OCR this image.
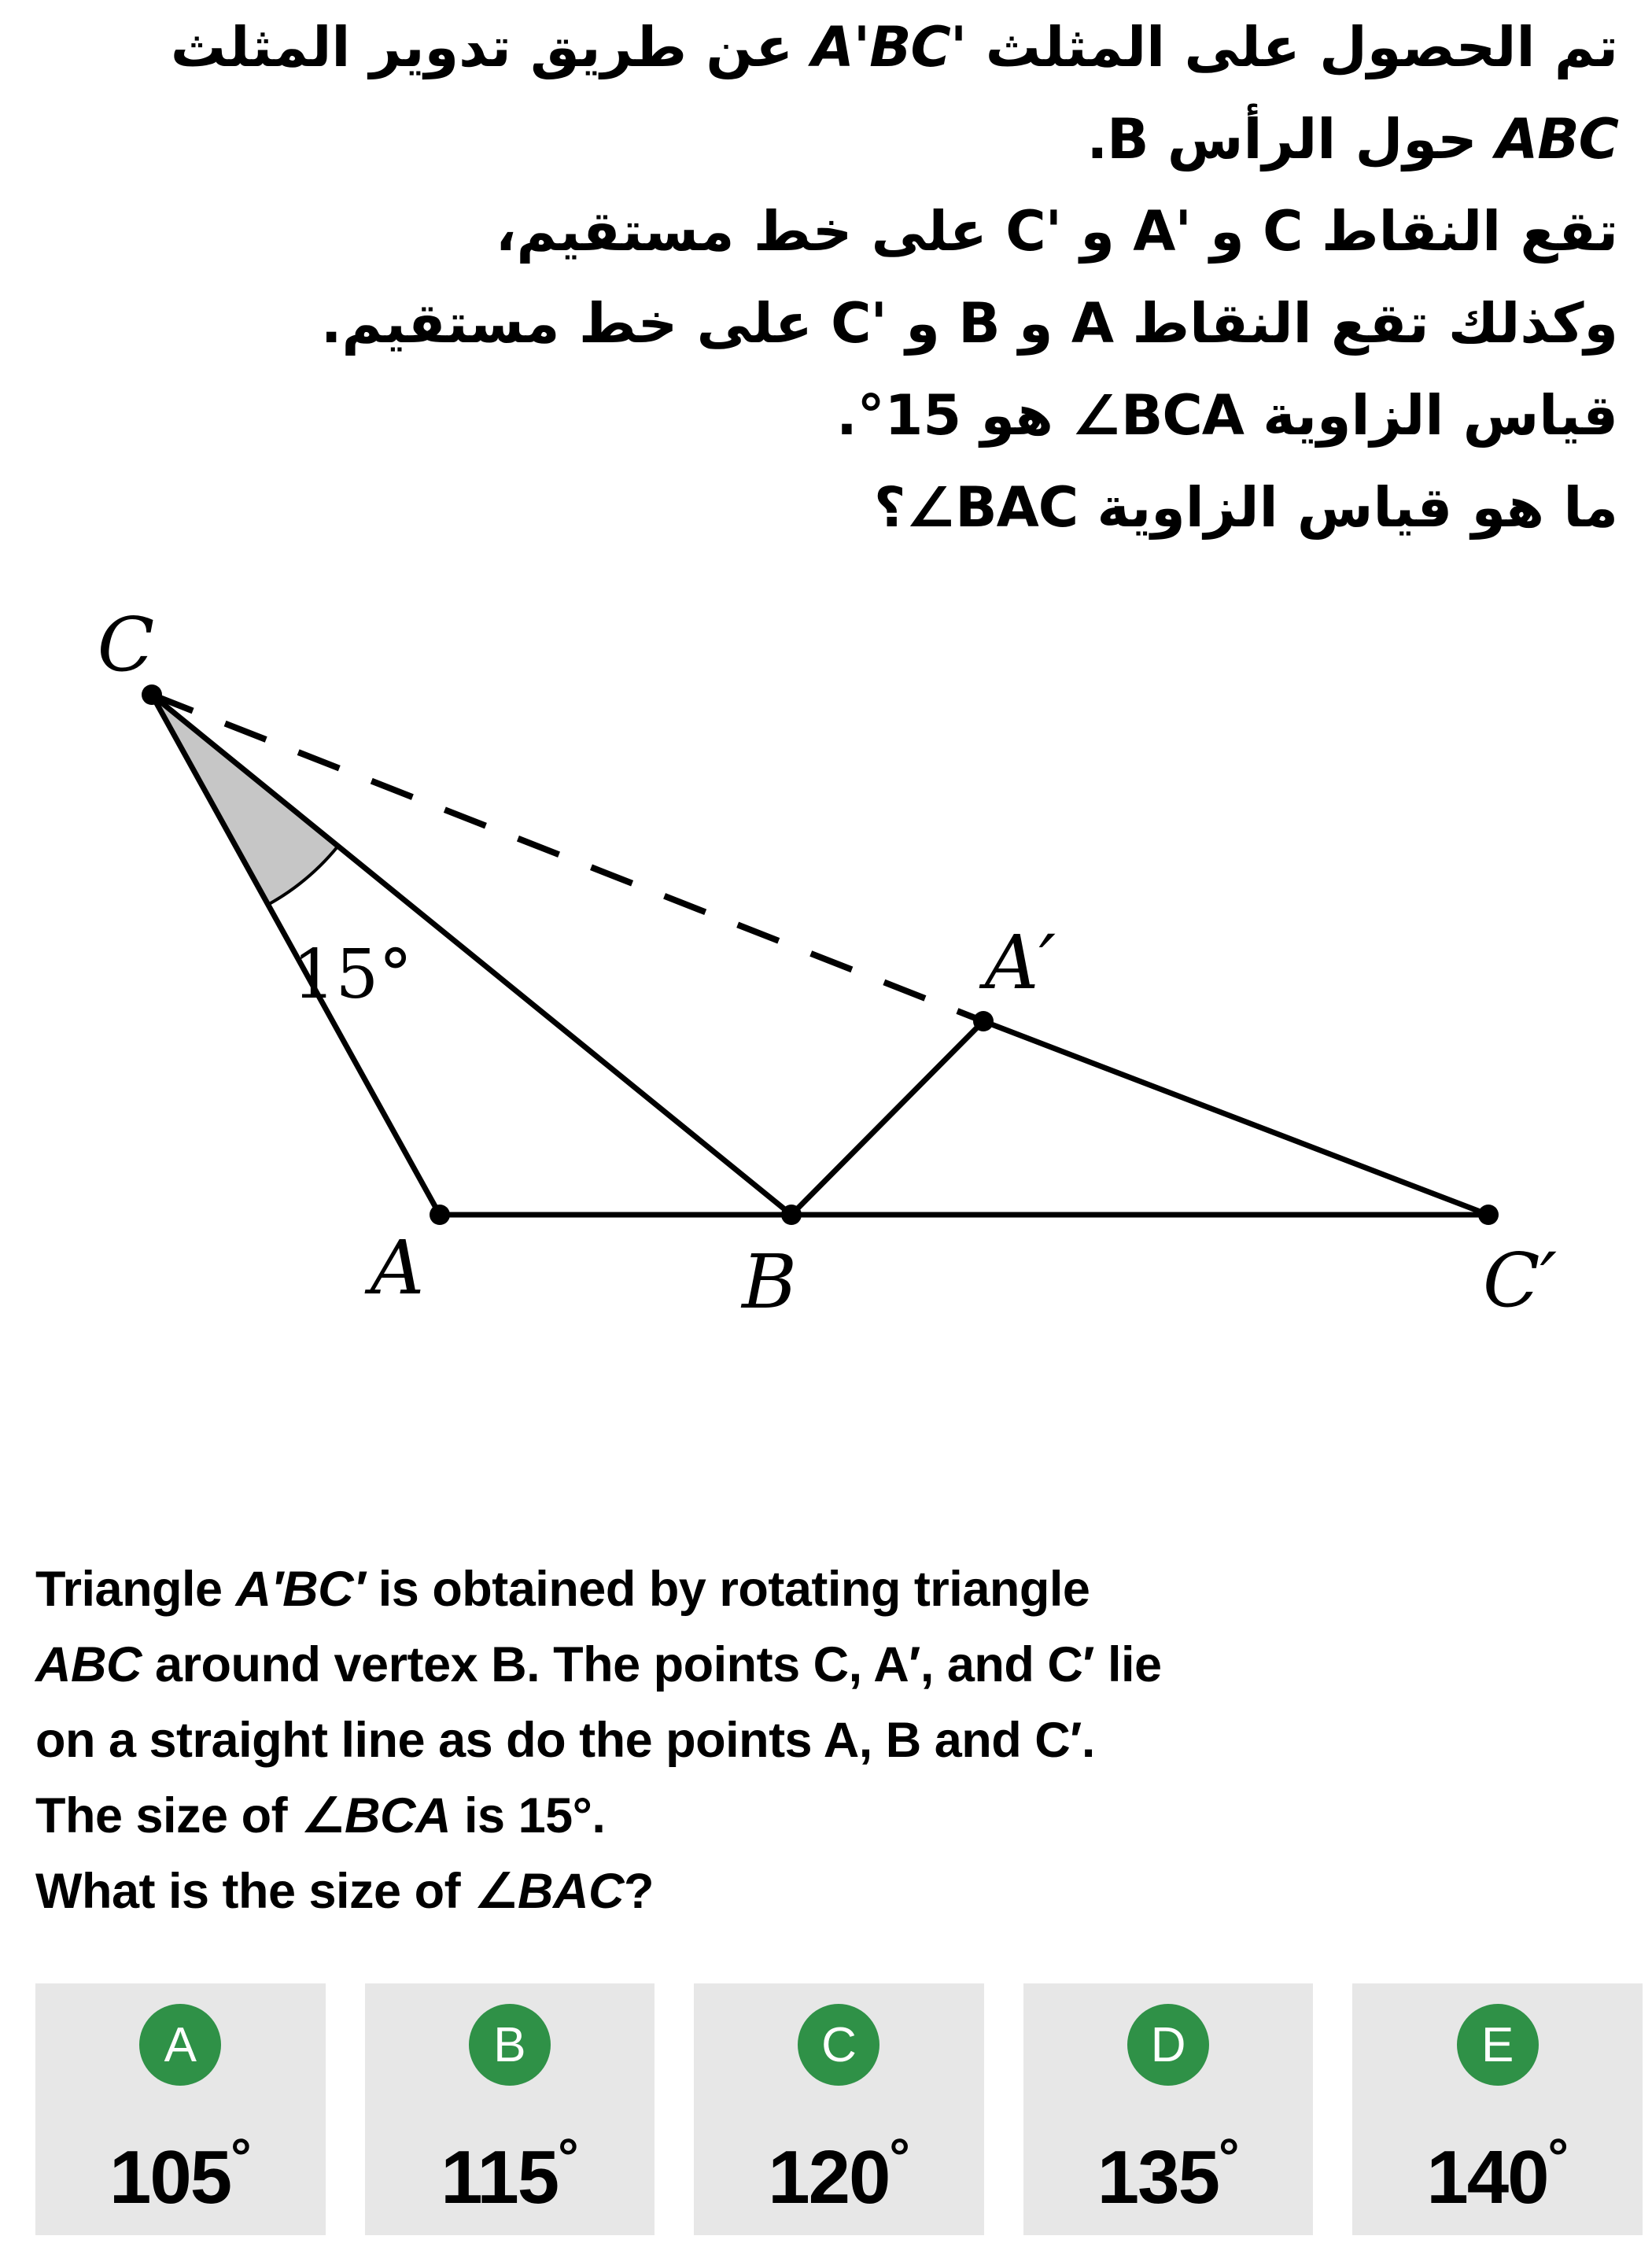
تم الحصول على المثلث A'BC' عن طريق تدوير المثلث
ABC حول الرأس B.
تقع النقاط C و A' و C' على خط مستقيم،
وكذلك تقع النقاط A و B و C' على خط مستقيم.
قياس الزاوية ∠BCA هو 15°.
ما هو قياس الزاوية ∠BAC؟
C
A	B
A′
C′
15°
Triangle A′BC′ is obtained by rotating triangle
ABC around vertex B. The points C, A′, and C′ lie
on a straight line as do the points A, B and C′.
The size of ∠BCA is 15°.
What is the size of ∠BAC?
A
105°
B
115°
C
120°
D
135°
E
140°
